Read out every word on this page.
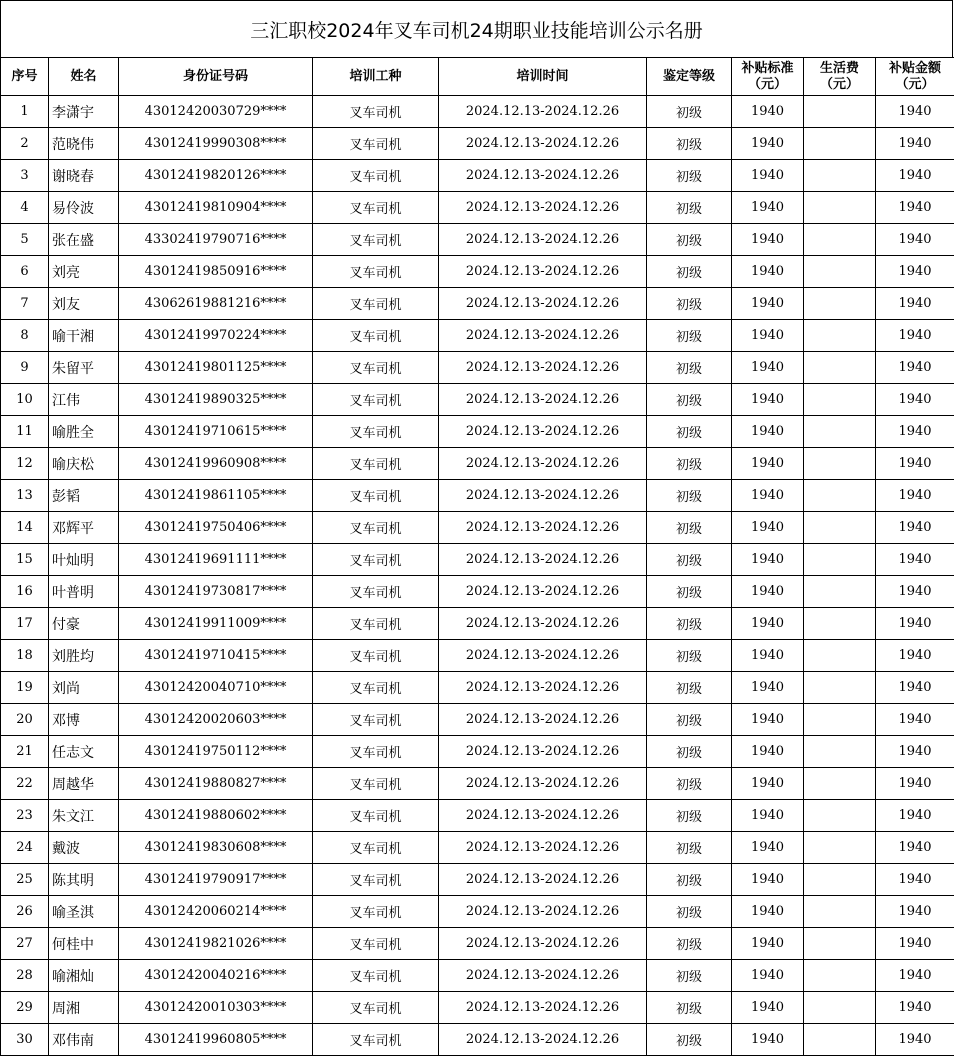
三汇职校2024年叉车司机24期职业技能培训公示名册
序号	姓名	身份证号码	培训工种	培训时间	鉴定等级	补贴标准（元）	生活费（元）	补贴金额（元）
1	李潇宇	43012420030729****	叉车司机	2024.12.13-2024.12.26	初级	1940		1940
2	范晓伟	43012419990308****	叉车司机	2024.12.13-2024.12.26	初级	1940		1940
3	谢晓春	43012419820126****	叉车司机	2024.12.13-2024.12.26	初级	1940		1940
4	易伶波	43012419810904****	叉车司机	2024.12.13-2024.12.26	初级	1940		1940
5	张在盛	43302419790716****	叉车司机	2024.12.13-2024.12.26	初级	1940		1940
6	刘亮	43012419850916****	叉车司机	2024.12.13-2024.12.26	初级	1940		1940
7	刘友	43062619881216****	叉车司机	2024.12.13-2024.12.26	初级	1940		1940
8	喻干湘	43012419970224****	叉车司机	2024.12.13-2024.12.26	初级	1940		1940
9	朱留平	43012419801125****	叉车司机	2024.12.13-2024.12.26	初级	1940		1940
10	江伟	43012419890325****	叉车司机	2024.12.13-2024.12.26	初级	1940		1940
11	喻胜全	43012419710615****	叉车司机	2024.12.13-2024.12.26	初级	1940		1940
12	喻庆松	43012419960908****	叉车司机	2024.12.13-2024.12.26	初级	1940		1940
13	彭韬	43012419861105****	叉车司机	2024.12.13-2024.12.26	初级	1940		1940
14	邓辉平	43012419750406****	叉车司机	2024.12.13-2024.12.26	初级	1940		1940
15	叶灿明	43012419691111****	叉车司机	2024.12.13-2024.12.26	初级	1940		1940
16	叶普明	43012419730817****	叉车司机	2024.12.13-2024.12.26	初级	1940		1940
17	付豪	43012419911009****	叉车司机	2024.12.13-2024.12.26	初级	1940		1940
18	刘胜均	43012419710415****	叉车司机	2024.12.13-2024.12.26	初级	1940		1940
19	刘尚	43012420040710****	叉车司机	2024.12.13-2024.12.26	初级	1940		1940
20	邓博	43012420020603****	叉车司机	2024.12.13-2024.12.26	初级	1940		1940
21	任志文	43012419750112****	叉车司机	2024.12.13-2024.12.26	初级	1940		1940
22	周越华	43012419880827****	叉车司机	2024.12.13-2024.12.26	初级	1940		1940
23	朱文江	43012419880602****	叉车司机	2024.12.13-2024.12.26	初级	1940		1940
24	戴波	43012419830608****	叉车司机	2024.12.13-2024.12.26	初级	1940		1940
25	陈其明	43012419790917****	叉车司机	2024.12.13-2024.12.26	初级	1940		1940
26	喻圣淇	43012420060214****	叉车司机	2024.12.13-2024.12.26	初级	1940		1940
27	何桂中	43012419821026****	叉车司机	2024.12.13-2024.12.26	初级	1940		1940
28	喻湘灿	43012420040216****	叉车司机	2024.12.13-2024.12.26	初级	1940		1940
29	周湘	43012420010303****	叉车司机	2024.12.13-2024.12.26	初级	1940		1940
30	邓伟南	43012419960805****	叉车司机	2024.12.13-2024.12.26	初级	1940		1940
